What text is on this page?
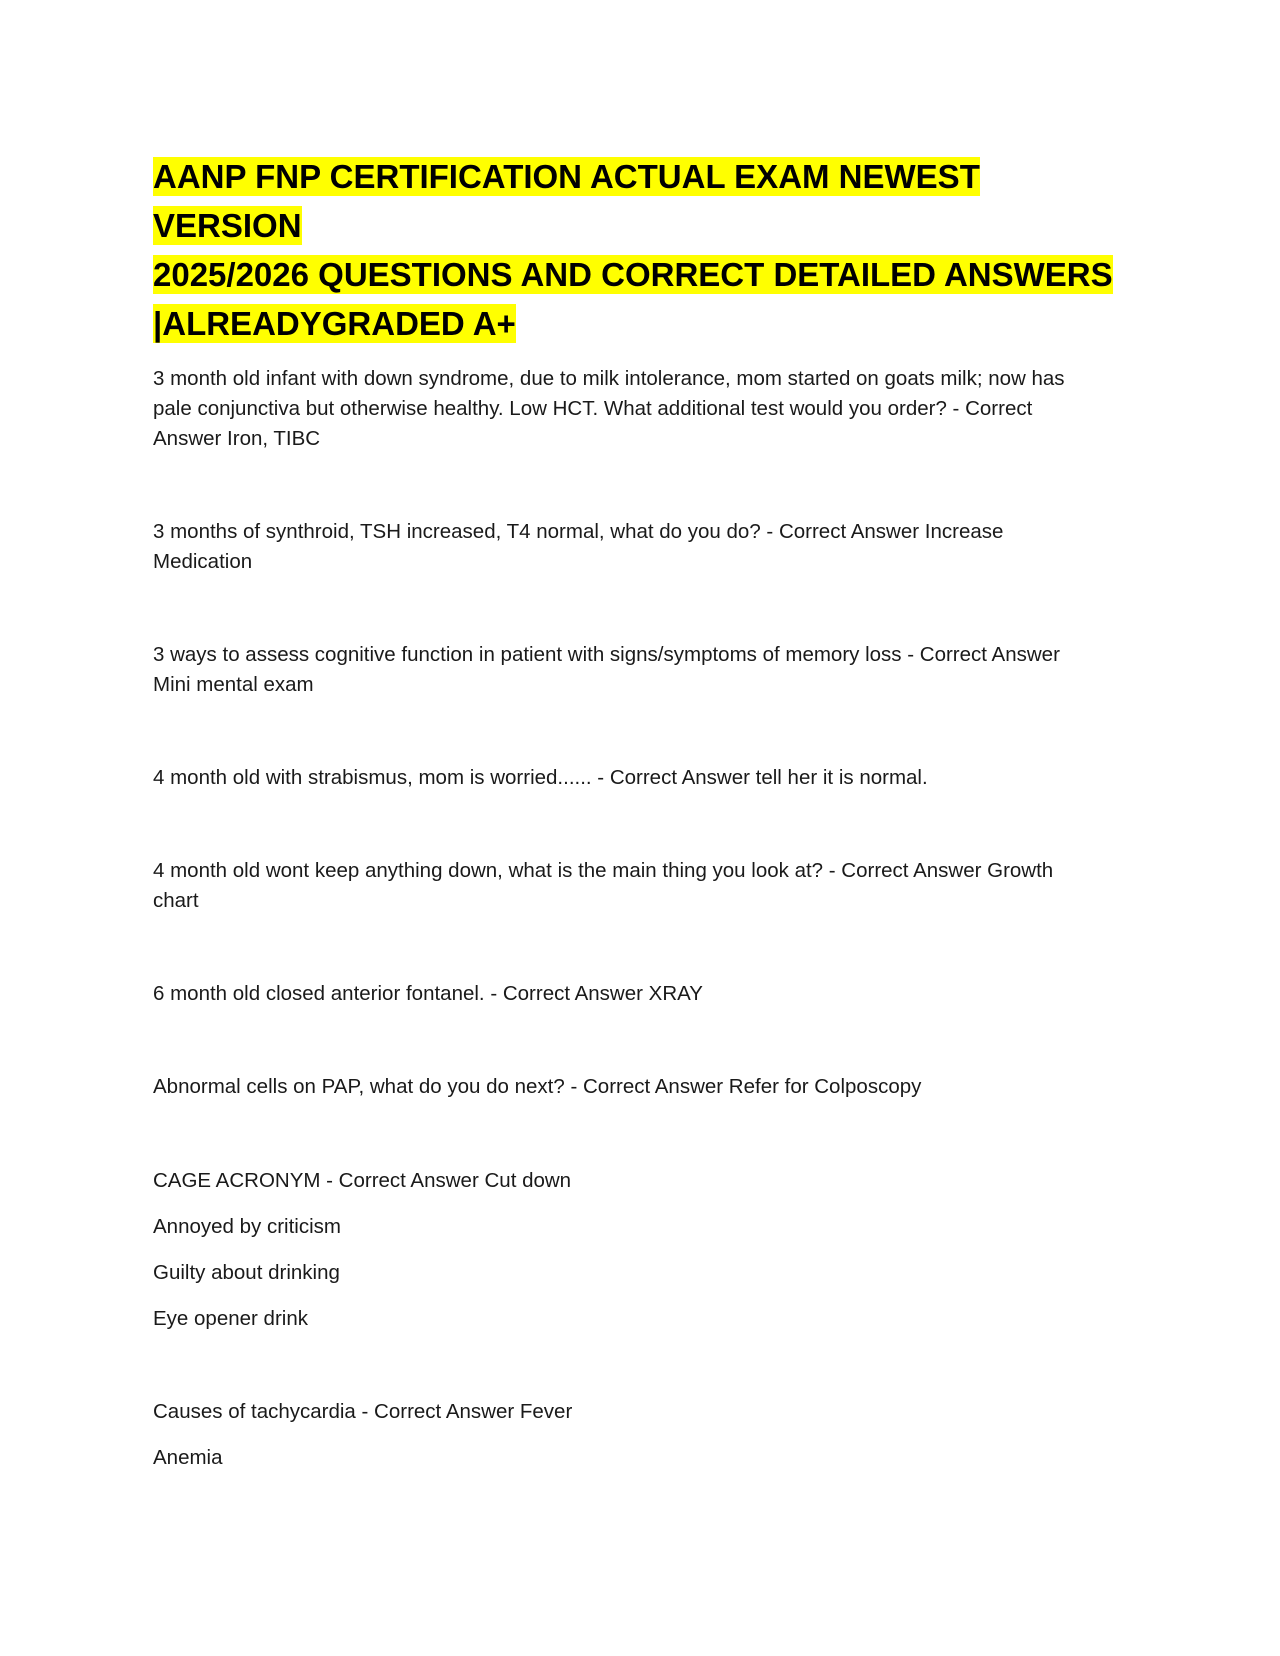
AANP FNP CERTIFICATION ACTUAL EXAM NEWEST VERSION
2025/2026 QUESTIONS AND CORRECT DETAILED ANSWERS
|ALREADYGRADED A+

3 month old infant with down syndrome, due to milk intolerance, mom started on goats milk; now has
pale conjunctiva but otherwise healthy. Low HCT. What additional test would you order? - Correct
Answer Iron, TIBC

3 months of synthroid, TSH increased, T4 normal, what do you do? - Correct Answer Increase
Medication

3 ways to assess cognitive function in patient with signs/symptoms of memory loss - Correct Answer
Mini mental exam

4 month old with strabismus, mom is worried...... - Correct Answer tell her it is normal.

4 month old wont keep anything down, what is the main thing you look at? - Correct Answer Growth
chart

6 month old closed anterior fontanel. - Correct Answer XRAY

Abnormal cells on PAP, what do you do next? - Correct Answer Refer for Colposcopy

CAGE ACRONYM - Correct Answer Cut down

Annoyed by criticism

Guilty about drinking

Eye opener drink

Causes of tachycardia - Correct Answer Fever

Anemia
